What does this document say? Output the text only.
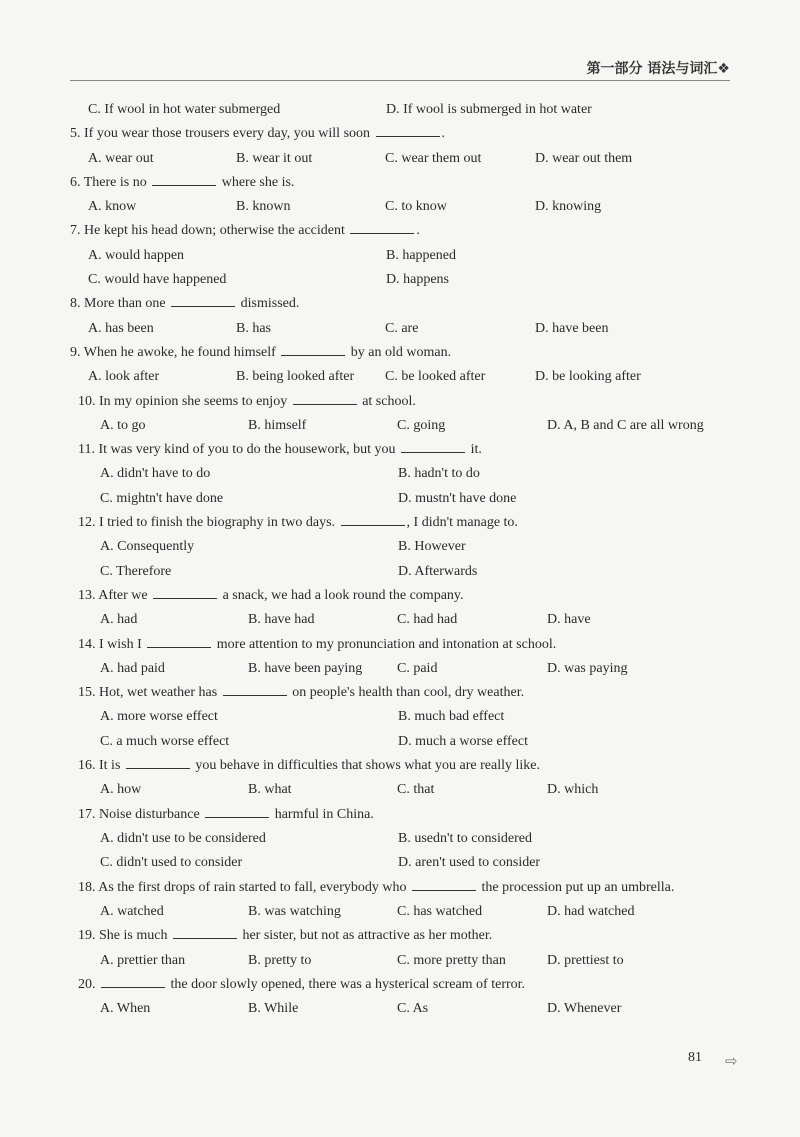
第一部分 语法与词汇❖
C. If wool in hot water submerged	D. If wool is submerged in hot water
5. If you wear those trousers every day, you will soon	.
A. wear out	B. wear it out	C. wear them out	D. wear out them
6. There is no	where she is.
A. know	B. known	C. to know	D. knowing
7. He kept his head down; otherwise the accident	.
A. would happen	B. happened
C. would have happened	D. happens
8. More than one	dismissed.
A. has been	B. has	C. are	D. have been
9. When he awoke, he found himself	by an old woman.
A. look after	B. being looked after C. be looked after	D. be looking after
10. In my opinion she seems to enjoy	at school.
A. to go	B. himself	C. going	D. A, B and C are all wrong
11. It was very kind of you to do the housework, but you	it.
A. didn't have to do	B. hadn't to do
C. mightn't have done	D. mustn't have done
12. I tried to finish the biography in two days.	, I didn't manage to.
A. Consequently	B. However
C. Therefore	D. Afterwards
13. After we	a snack, we had a look round the company.
A. had	B. have had	C. had had	D. have
14. I wish I	more attention to my pronunciation and intonation at school.
A. had paid	B. have been paying C. paid	D. was paying
15. Hot, wet weather has	on people's health than cool, dry weather.
A. more worse effect	B. much bad effect
C. a much worse effect	D. much a worse effect
16. It is	you behave in difficulties that shows what you are really like.
A. how	B. what	C. that	D. which
17. Noise disturbance	harmful in China.
A. didn't use to be considered	B. usedn't to considered
C. didn't used to consider	D. aren't used to consider
18. As the first drops of rain started to fall, everybody who	the procession put up an umbrella.
A. watched	B. was watching	C. has watched	D. had watched
19. She is much	her sister, but not as attractive as her mother.
A. prettier than	B. pretty to	C. more pretty than	D. prettiest to
20.	the door slowly opened, there was a hysterical scream of terror.
A. When	B. While	C. As	D. Whenever
81 ⇨
